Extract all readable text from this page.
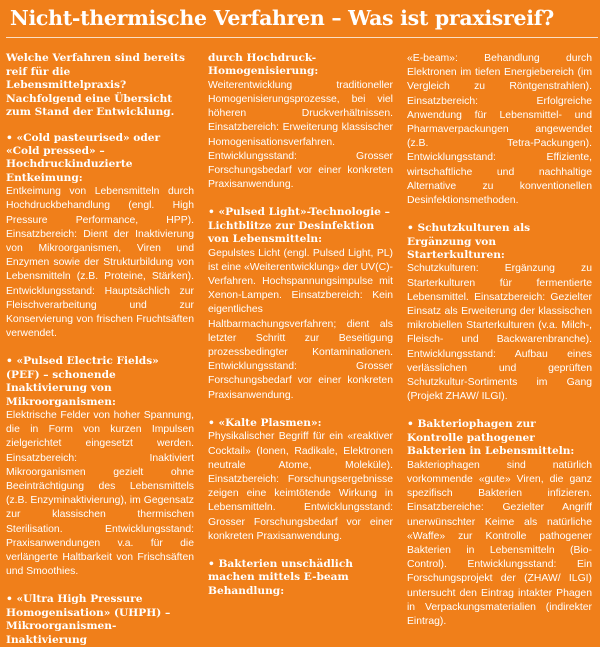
Nicht-thermische Verfahren – Was ist praxisreif?

Welche Verfahren sind bereits reif für die Lebensmittelpraxis? Nachfolgend eine Übersicht zum Stand der Entwicklung.

• «Cold pasteurised» oder «Cold pressed» – Hochdruckinduzierte Entkeimung:

Entkeimung von Lebensmitteln durch Hochdruckbehandlung (engl. High Pressure Performance, HPP). Einsatzbereich: Dient der Inaktivierung von Mikroorganismen, Viren und Enzymen sowie der Strukturbildung von Lebensmitteln (z.B. Proteine, Stärken). Entwicklungsstand: Hauptsächlich zur Fleischverarbeitung und zur Konservierung von frischen Fruchtsäften verwendet.

• «Pulsed Electric Fields» (PEF) – schonende Inaktivierung von Mikroorganismen:

Elektrische Felder von hoher Spannung, die in Form von kurzen Impulsen zielgerichtet eingesetzt werden. Einsatzbereich: Inaktiviert Mikroorganismen gezielt ohne Beeinträchtigung des Lebensmittels (z.B. Enzyminaktivierung), im Gegensatz zur klassischen thermischen Sterilisation. Entwicklungsstand: Praxisanwendungen v.a. für die verlängerte Haltbarkeit von Frischsäften und Smoothies.

• «Ultra High Pressure Homogenisation» (UHPH) – Mikroorganismen-Inaktivierung

durch Hochdruck-Homogenisierung:

Weiterentwicklung traditioneller Homogenisierungsprozesse, bei viel höheren Druckverhältnissen. Einsatzbereich: Erweiterung klassischer Homogenisationsverfahren. Entwicklungsstand: Grosser Forschungsbedarf vor einer konkreten Praxisanwendung.

• «Pulsed Light»-Technologie – Lichtblitze zur Desinfektion von Lebensmitteln:

Gepulstes Licht (engl. Pulsed Light, PL) ist eine «Weiterentwicklung» der UV(C)-Verfahren. Hochspannungsimpulse mit Xenon-Lampen. Einsatzbereich: Kein eigentliches Haltbarmachungsverfahren; dient als letzter Schritt zur Beseitigung prozessbedingter Kontaminationen. Entwicklungsstand: Grosser Forschungsbedarf vor einer konkreten Praxisanwendung.

• «Kalte Plasmen»:

Physikalischer Begriff für ein «reaktiver Cocktail» (Ionen, Radikale, Elektronen neutrale Atome, Moleküle). Einsatzbereich: Forschungsergebnisse zeigen eine keimtötende Wirkung in Lebensmitteln. Entwicklungsstand: Grosser Forschungsbedarf vor einer konkreten Praxisanwendung.

• Bakterien unschädlich machen mittels E-beam Behandlung:

«E-beam»: Behandlung durch Elektronen im tiefen Energiebereich (im Vergleich zu Röntgenstrahlen). Einsatzbereich: Erfolgreiche Anwendung für Lebensmittel- und Pharmaverpackungen angewendet (z.B. Tetra-Packungen). Entwicklungsstand: Effiziente, wirtschaftliche und nachhaltige Alternative zu konventionellen Desinfektionsmethoden.

• Schutzkulturen als Ergänzung von Starterkulturen:

Schutzkulturen: Ergänzung zu Starterkulturen für fermentierte Lebensmittel. Einsatzbereich: Gezielter Einsatz als Erweiterung der klassischen mikrobiellen Starterkulturen (v.a. Milch-, Fleisch- und Backwarenbranche). Entwicklungsstand: Aufbau eines verlässlichen und geprüften Schutzkultur-Sortiments im Gang (Projekt ZHAW/ ILGI).

• Bakteriophagen zur Kontrolle pathogener Bakterien in Lebensmitteln:

Bakteriophagen sind natürlich vorkommende «gute» Viren, die ganz spezifisch Bakterien infizieren. Einsatzbereiche: Gezielter Angriff unerwünschter Keime als natürliche «Waffe» zur Kontrolle pathogener Bakterien in Lebensmitteln (Bio-Control). Entwicklungsstand: Ein Forschungsprojekt der (ZHAW/ ILGI) untersucht den Eintrag intakter Phagen in Verpackungsmaterialien (indirekter Eintrag).
